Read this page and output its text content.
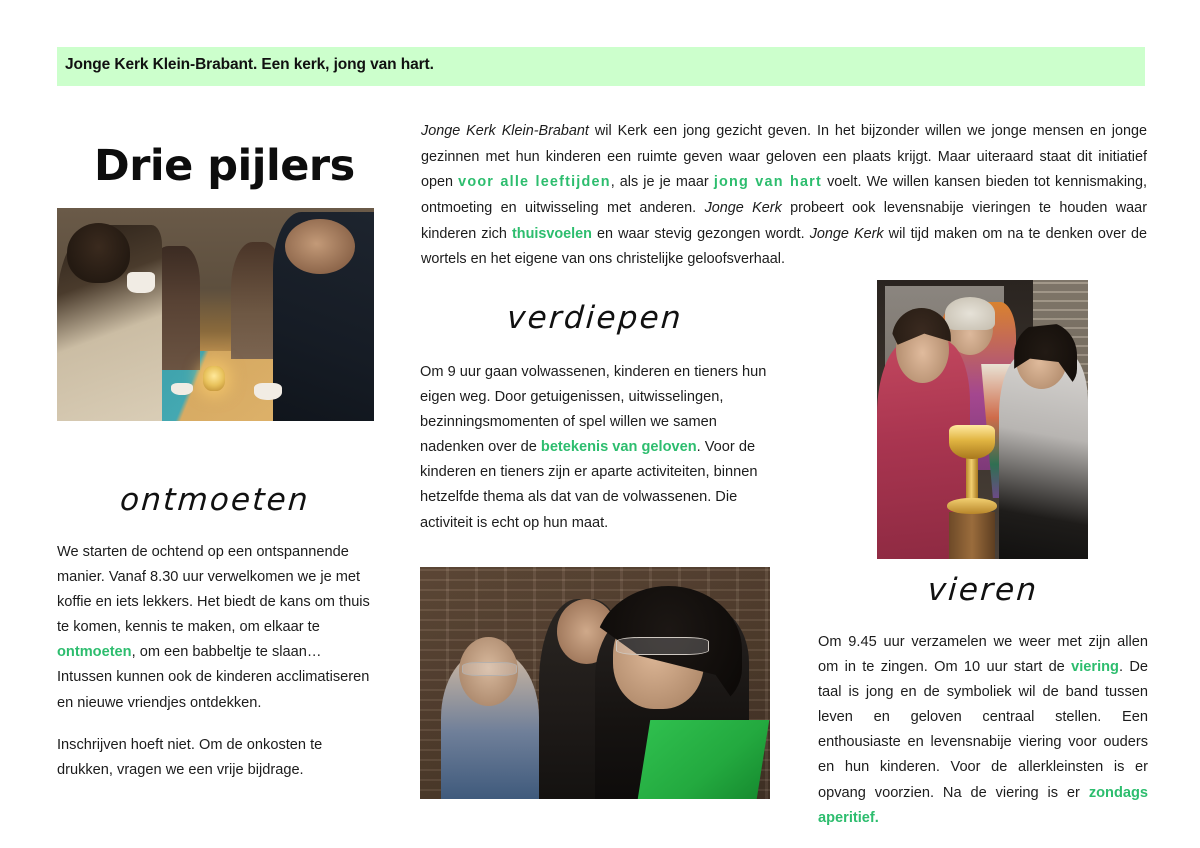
Jonge Kerk Klein-Brabant. Een kerk, jong van hart.
Drie pijlers
Jonge Kerk Klein-Brabant wil Kerk een jong gezicht geven. In het bijzonder willen we jonge mensen en jonge gezinnen met hun kinderen een ruimte geven waar geloven een plaats krijgt. Maar uiteraard staat dit initiatief open voor alle leeftijden, als je je maar jong van hart voelt. We willen kansen bieden tot kennismaking, ontmoeting en uitwisseling met anderen. Jonge Kerk probeert ook levensnabije vieringen te houden waar kinderen zich thuisvoelen en waar stevig gezongen wordt. Jonge Kerk wil tijd maken om na te denken over de wortels en het eigene van ons christelijke geloofsverhaal.
ontmoeten

We starten de ochtend op een ontspannende manier. Vanaf 8.30 uur verwelkomen we je met koffie en iets lekkers. Het biedt de kans om thuis te komen, kennis te maken, om elkaar te ontmoeten, om een babbeltje te slaan… Intussen kunnen ook de kinderen acclimatiseren en nieuwe vriendjes ontdekken.

Inschrijven hoeft niet. Om de onkosten te drukken, vragen we een vrije bijdrage.

verdiepen

Om 9 uur gaan volwassenen, kinderen en tieners hun eigen weg. Door getuigenissen, uitwisselingen, bezinningsmomenten of spel willen we samen nadenken over de betekenis van geloven. Voor de kinderen en tieners zijn er aparte activiteiten, binnen hetzelfde thema als dat van de volwassenen. Die activiteit is echt op hun maat.

vieren

Om 9.45 uur verzamelen we weer met zijn allen om in te zingen. Om 10 uur start de viering. De taal is jong en de symboliek wil de band tussen leven en geloven centraal stellen. Een enthousiaste en levensnabije viering voor ouders en hun kinderen. Voor de allerkleinsten is er opvang voorzien. Na de viering is er zondags aperitief.
